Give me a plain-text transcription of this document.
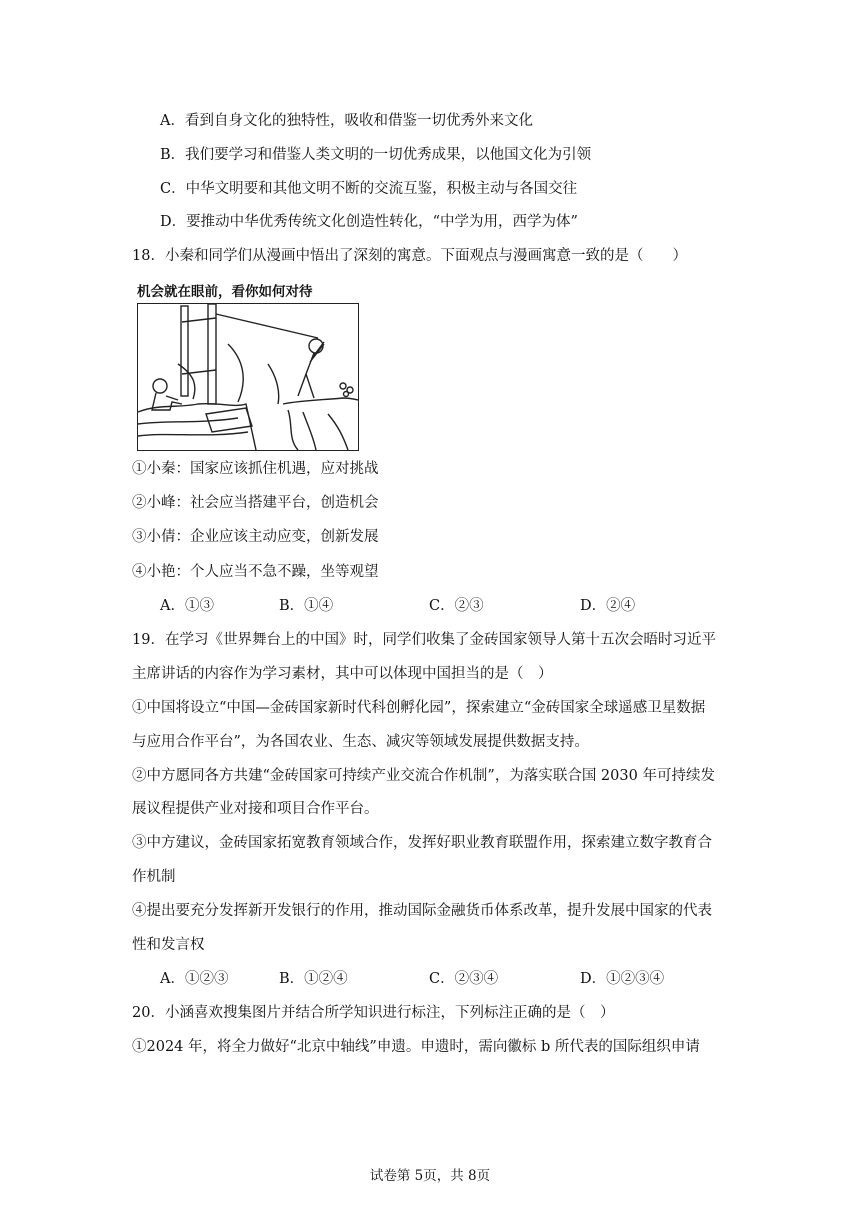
A．看到自身文化的独特性，吸收和借鉴一切优秀外来文化
B．我们要学习和借鉴人类文明的一切优秀成果，以他国文化为引领
C．中华文明要和其他文明不断的交流互鉴，积极主动与各国交往
D．要推动中华优秀传统文化创造性转化，“中学为用，西学为体”
18．小秦和同学们从漫画中悟出了深刻的寓意。下面观点与漫画寓意一致的是（　　）
机会就在眼前，看你如何对待
①小秦：国家应该抓住机遇，应对挑战
②小峰：社会应当搭建平台，创造机会
③小倩：企业应该主动应变，创新发展
④小艳：个人应当不急不躁，坐等观望
A．①③	B．①④	C．②③	D．②④
19．在学习《世界舞台上的中国》时，同学们收集了金砖国家领导人第十五次会晤时习近平
主席讲话的内容作为学习素材，其中可以体现中国担当的是（　）
①中国将设立“中国—金砖国家新时代科创孵化园”，探索建立“金砖国家全球遥感卫星数据
与应用合作平台”，为各国农业、生态、减灾等领域发展提供数据支持。
②中方愿同各方共建“金砖国家可持续产业交流合作机制”，为落实联合国 2030 年可持续发
展议程提供产业对接和项目合作平台。
③中方建议，金砖国家拓宽教育领域合作，发挥好职业教育联盟作用，探索建立数字教育合
作机制
④提出要充分发挥新开发银行的作用，推动国际金融货币体系改革，提升发展中国家的代表
性和发言权
A．①②③	B．①②④	C．②③④	D．①②③④
20．小涵喜欢搜集图片并结合所学知识进行标注，下列标注正确的是（　）
①2024 年，将全力做好“北京中轴线”申遗。申遗时，需向徽标 b 所代表的国际组织申请
试卷第 5页，共 8页
